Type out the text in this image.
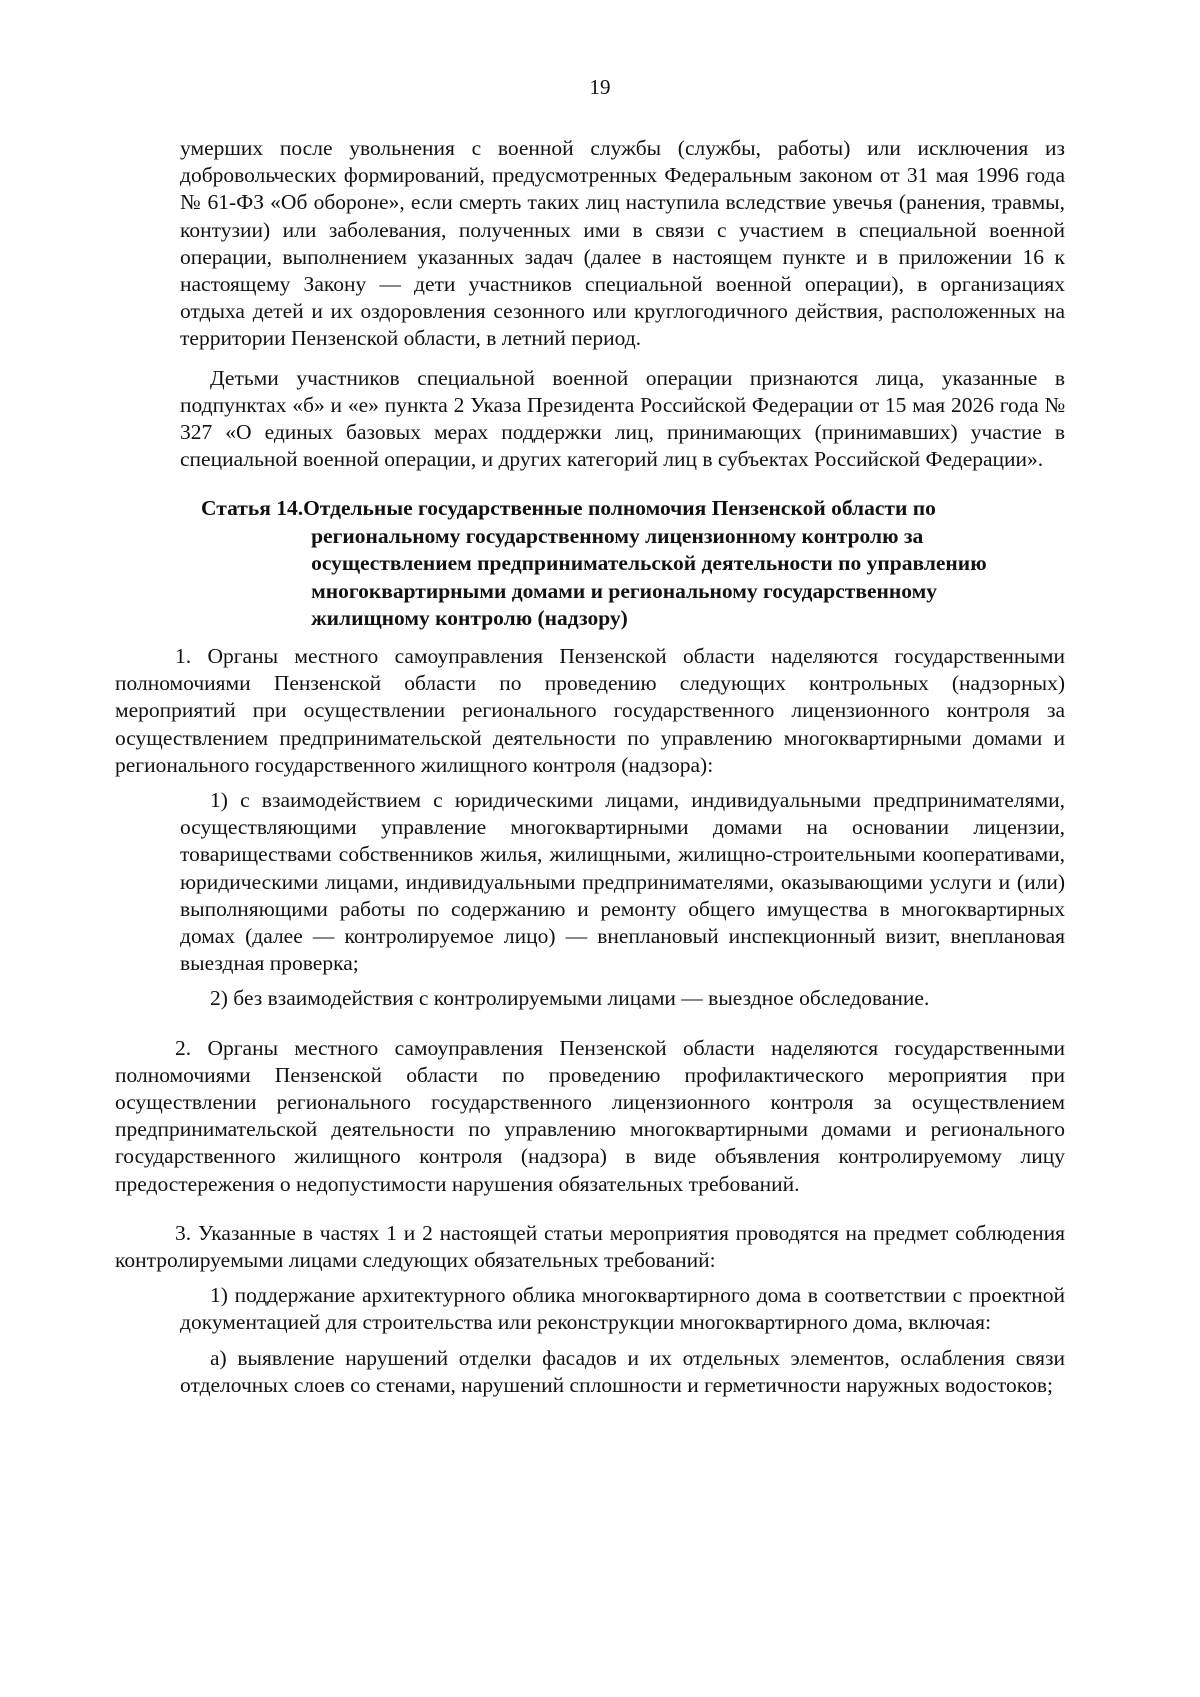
19

умерших после увольнения с военной службы (службы, работы) или исключения из добровольческих формирований, предусмотренных Федеральным законом от 31 мая 1996 года № 61-ФЗ «Об обороне», если смерть таких лиц наступила вследствие увечья (ранения, травмы, контузии) или заболевания, полученных ими в связи с участием в специальной военной операции, выполнением указанных задач (далее в настоящем пункте и в приложении 16 к настоящему Закону — дети участников специальной военной операции), в организациях отдыха детей и их оздоровления сезонного или круглогодичного действия, расположенных на территории Пензенской области, в летний период.

Детьми участников специальной военной операции признаются лица, указанные в подпунктах «б» и «е» пункта 2 Указа Президента Российской Федерации от 15 мая 2026 года № 327 «О единых базовых мерах поддержки лиц, принимающих (принимавших) участие в специальной военной операции, и других категорий лиц в субъектах Российской Федерации».

Статья 14. Отдельные государственные полномочия Пензенской области по
региональному государственному лицензионному контролю за осуществлением предпринимательской деятельности по управлению многоквартирными домами и региональному государственному жилищному контролю (надзору)

1. Органы местного самоуправления Пензенской области наделяются государственными полномочиями Пензенской области по проведению следующих контрольных (надзорных) мероприятий при осуществлении регионального государственного лицензионного контроля за осуществлением предпринимательской деятельности по управлению многоквартирными домами и регионального государственного жилищного контроля (надзора):

1) с взаимодействием с юридическими лицами, индивидуальными предпринимателями, осуществляющими управление многоквартирными домами на основании лицензии, товариществами собственников жилья, жилищными, жилищно-строительными кооперативами, юридическими лицами, индивидуальными предпринимателями, оказывающими услуги и (или) выполняющими работы по содержанию и ремонту общего имущества в многоквартирных домах (далее — контролируемое лицо) — внеплановый инспекционный визит, внеплановая выездная проверка;

2) без взаимодействия с контролируемыми лицами — выездное обследование.

2. Органы местного самоуправления Пензенской области наделяются государственными полномочиями Пензенской области по проведению профилактического мероприятия при осуществлении регионального государственного лицензионного контроля за осуществлением предпринимательской деятельности по управлению многоквартирными домами и регионального государственного жилищного контроля (надзора) в виде объявления контролируемому лицу предостережения о недопустимости нарушения обязательных требований.

3. Указанные в частях 1 и 2 настоящей статьи мероприятия проводятся на предмет соблюдения контролируемыми лицами следующих обязательных требований:

1) поддержание архитектурного облика многоквартирного дома в соответствии с проектной документацией для строительства или реконструкции многоквартирного дома, включая:

а) выявление нарушений отделки фасадов и их отдельных элементов, ослабления связи отделочных слоев со стенами, нарушений сплошности и герметичности наружных водостоков;
